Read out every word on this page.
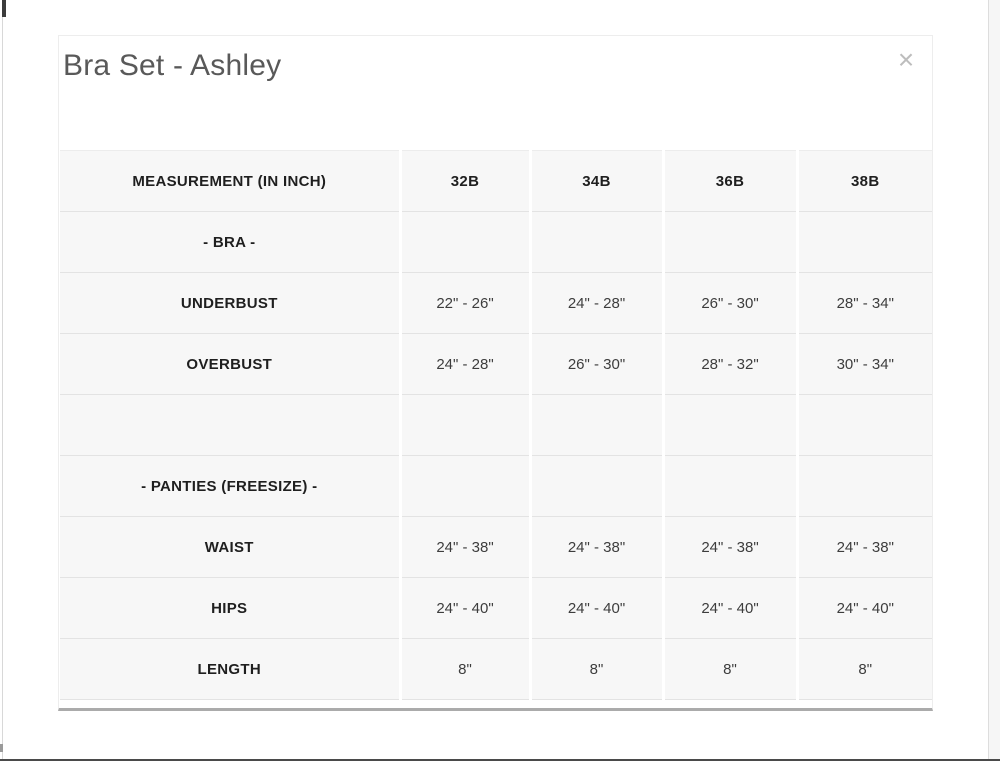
Bra Set - Ashley	×
MEASUREMENT (IN INCH)	32B	34B	36B	38B
- BRA -				
UNDERBUST	22" - 26"	24" - 28"	26" - 30"	28" - 34"
OVERBUST	24" - 28"	26" - 30"	28" - 32"	30" - 34"

- PANTIES (FREESIZE) -				
WAIST	24" - 38"	24" - 38"	24" - 38"	24" - 38"
HIPS	24" - 40"	24" - 40"	24" - 40"	24" - 40"
LENGTH	8"	8"	8"	8"
